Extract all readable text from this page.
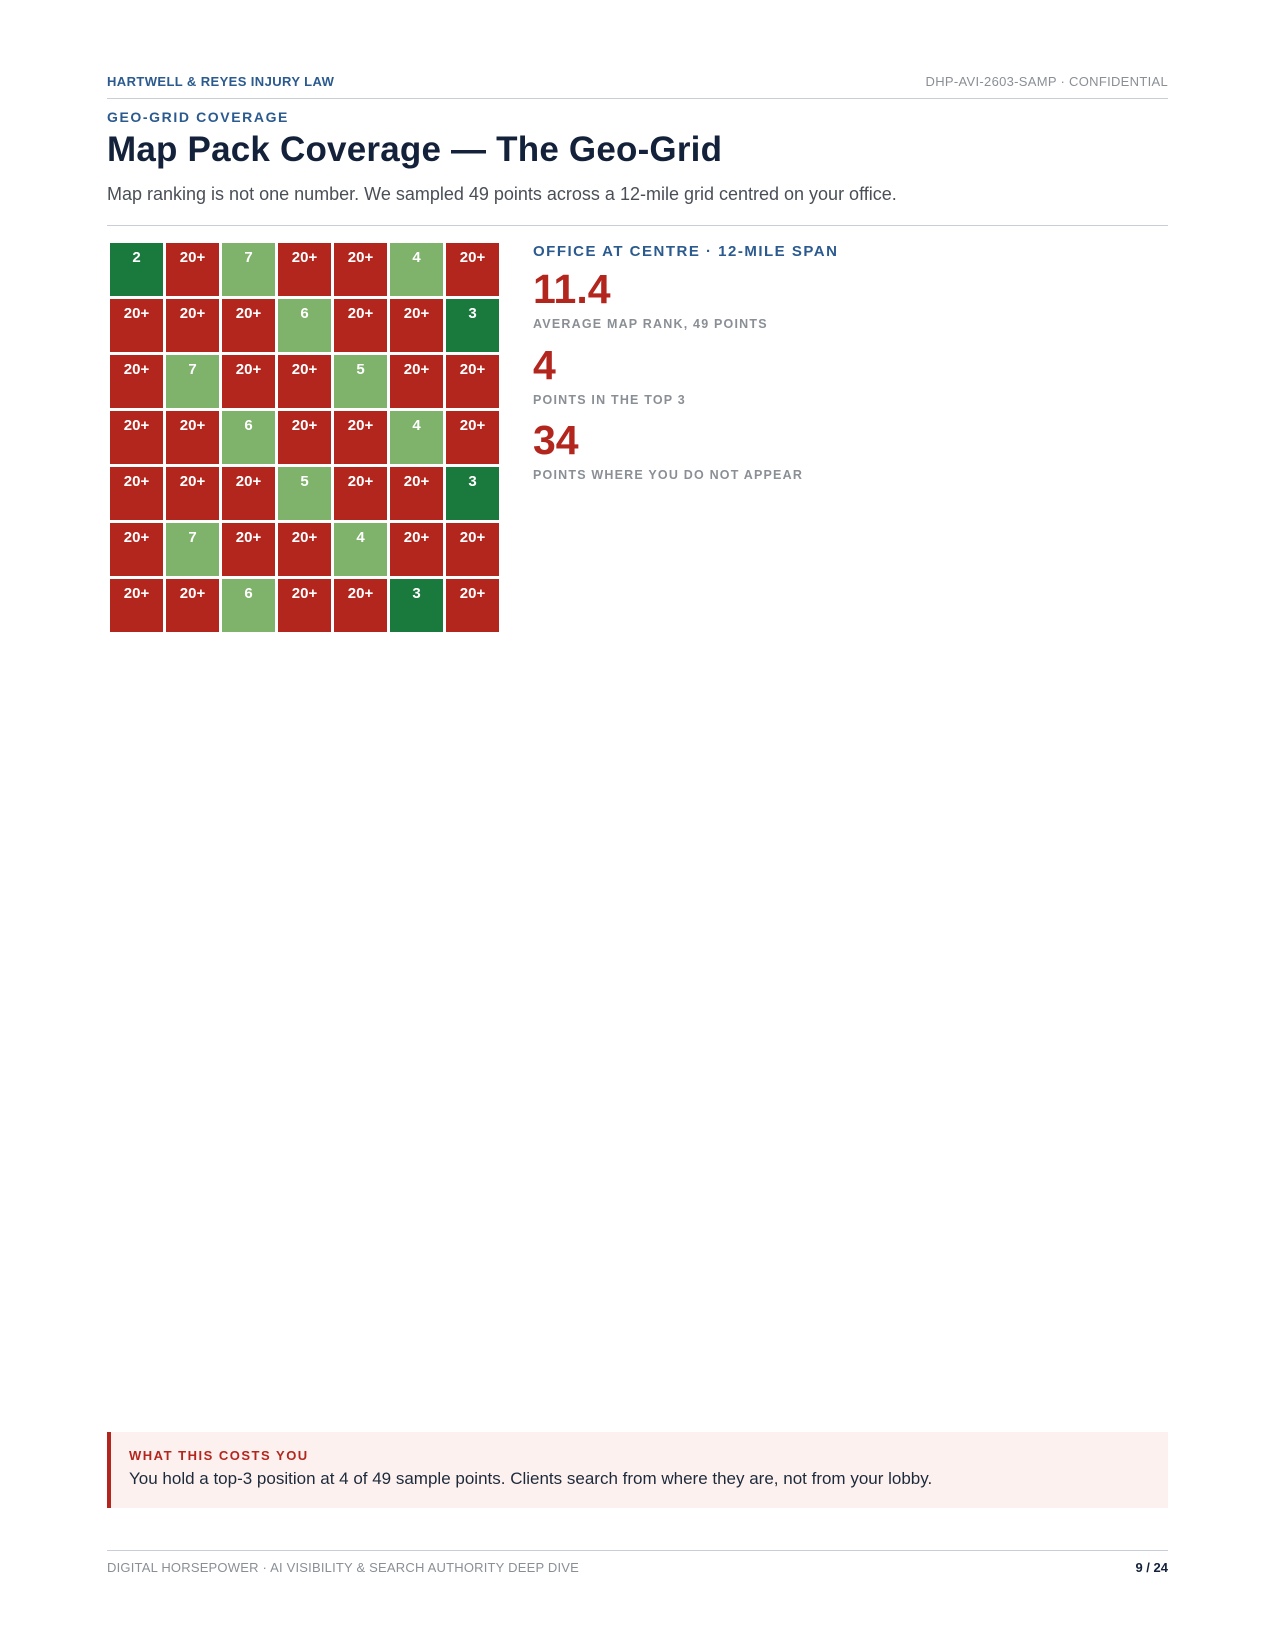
HARTWELL & REYES INJURY LAW	DHP-AVI-2603-SAMP · CONFIDENTIAL
GEO-GRID COVERAGE
Map Pack Coverage — The Geo-Grid

Map ranking is not one number. We sampled 49 points across a 12-mile grid centred on your office.

2	20+	7	20+	20+	4	20+
20+	20+	20+	6	20+	20+	3
20+	7	20+	20+	5	20+	20+
20+	20+	6	20+	20+	4	20+
20+	20+	20+	5	20+	20+	3
20+	7	20+	20+	4	20+	20+
20+	20+	6	20+	20+	3	20+
OFFICE AT CENTRE · 12-MILE SPAN
11.4
AVERAGE MAP RANK, 49 POINTS
4
POINTS IN THE TOP 3
34
POINTS WHERE YOU DO NOT APPEAR
WHAT THIS COSTS YOU
You hold a top-3 position at 4 of 49 sample points. Clients search from where they are, not from your lobby.
DIGITAL HORSEPOWER · AI VISIBILITY & SEARCH AUTHORITY DEEP DIVE	9 / 24
